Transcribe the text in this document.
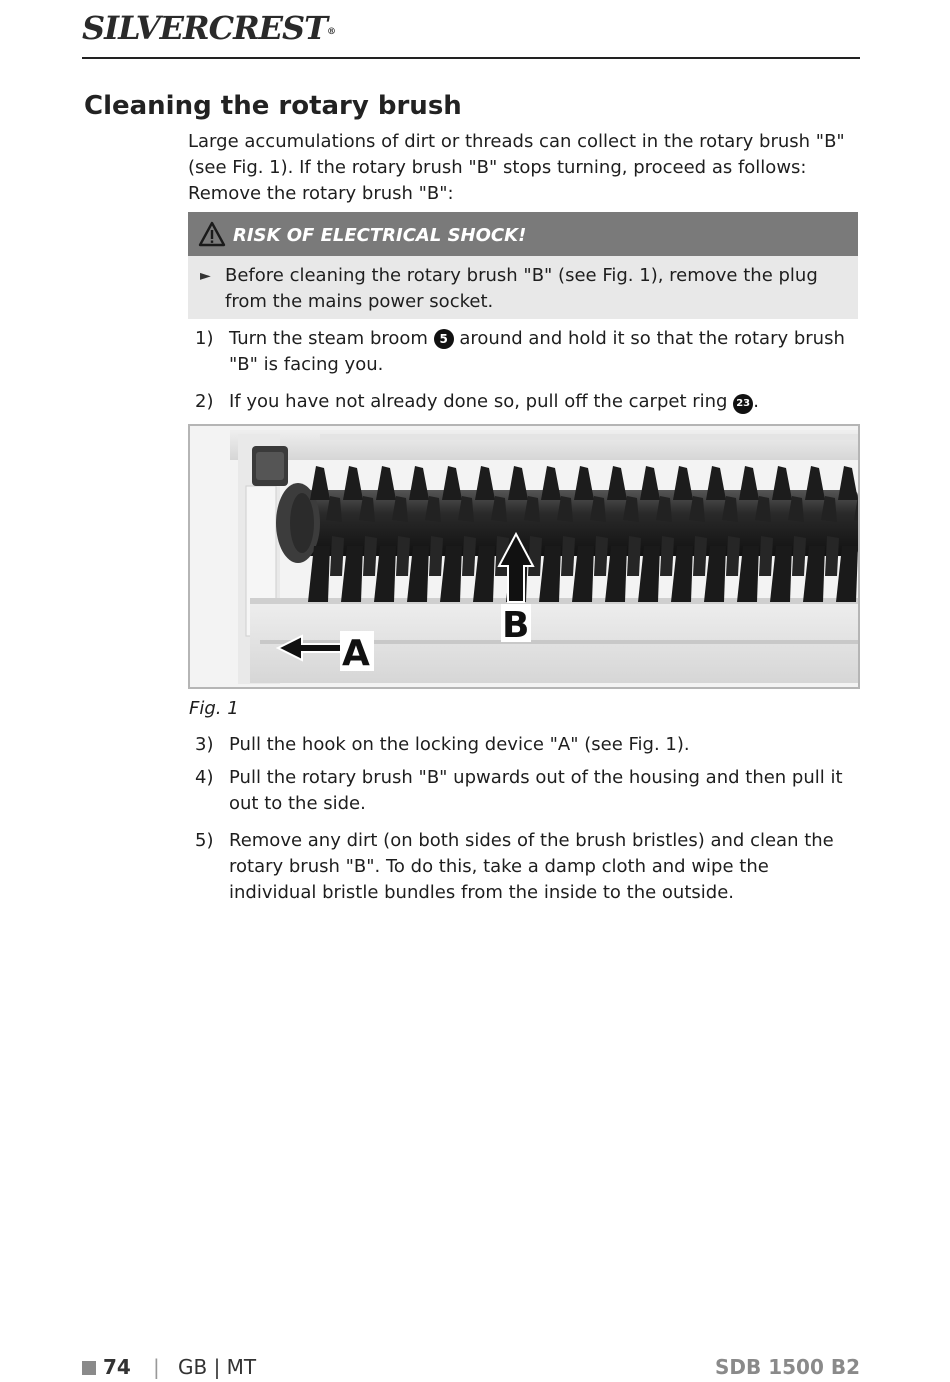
SILVERCREST®
Cleaning the rotary brush
Large accumulations of dirt or threads can collect in the rotary brush "B" (see Fig. 1). If the rotary brush "B" stops turning, proceed as follows:
Remove the rotary brush "B":
RISK OF ELECTRICAL SHOCK!
► Before cleaning the rotary brush "B" (see Fig. 1), remove the plug from the mains power socket.
1) Turn the steam broom 5 around and hold it so that the rotary brush "B" is facing you.
2) If you have not already done so, pull off the carpet ring 23 .
A
B
Fig. 1
3) Pull the hook on the locking device "A" (see Fig. 1).
4) Pull the rotary brush "B" upwards out of the housing and then pull it out to the side.
5) Remove any dirt (on both sides of the brush bristles) and clean the rotary brush "B". To do this, take a damp cloth and wipe the individual bristle bundles from the inside to the outside.
74 | GB | MT	SDB 1500 B2
